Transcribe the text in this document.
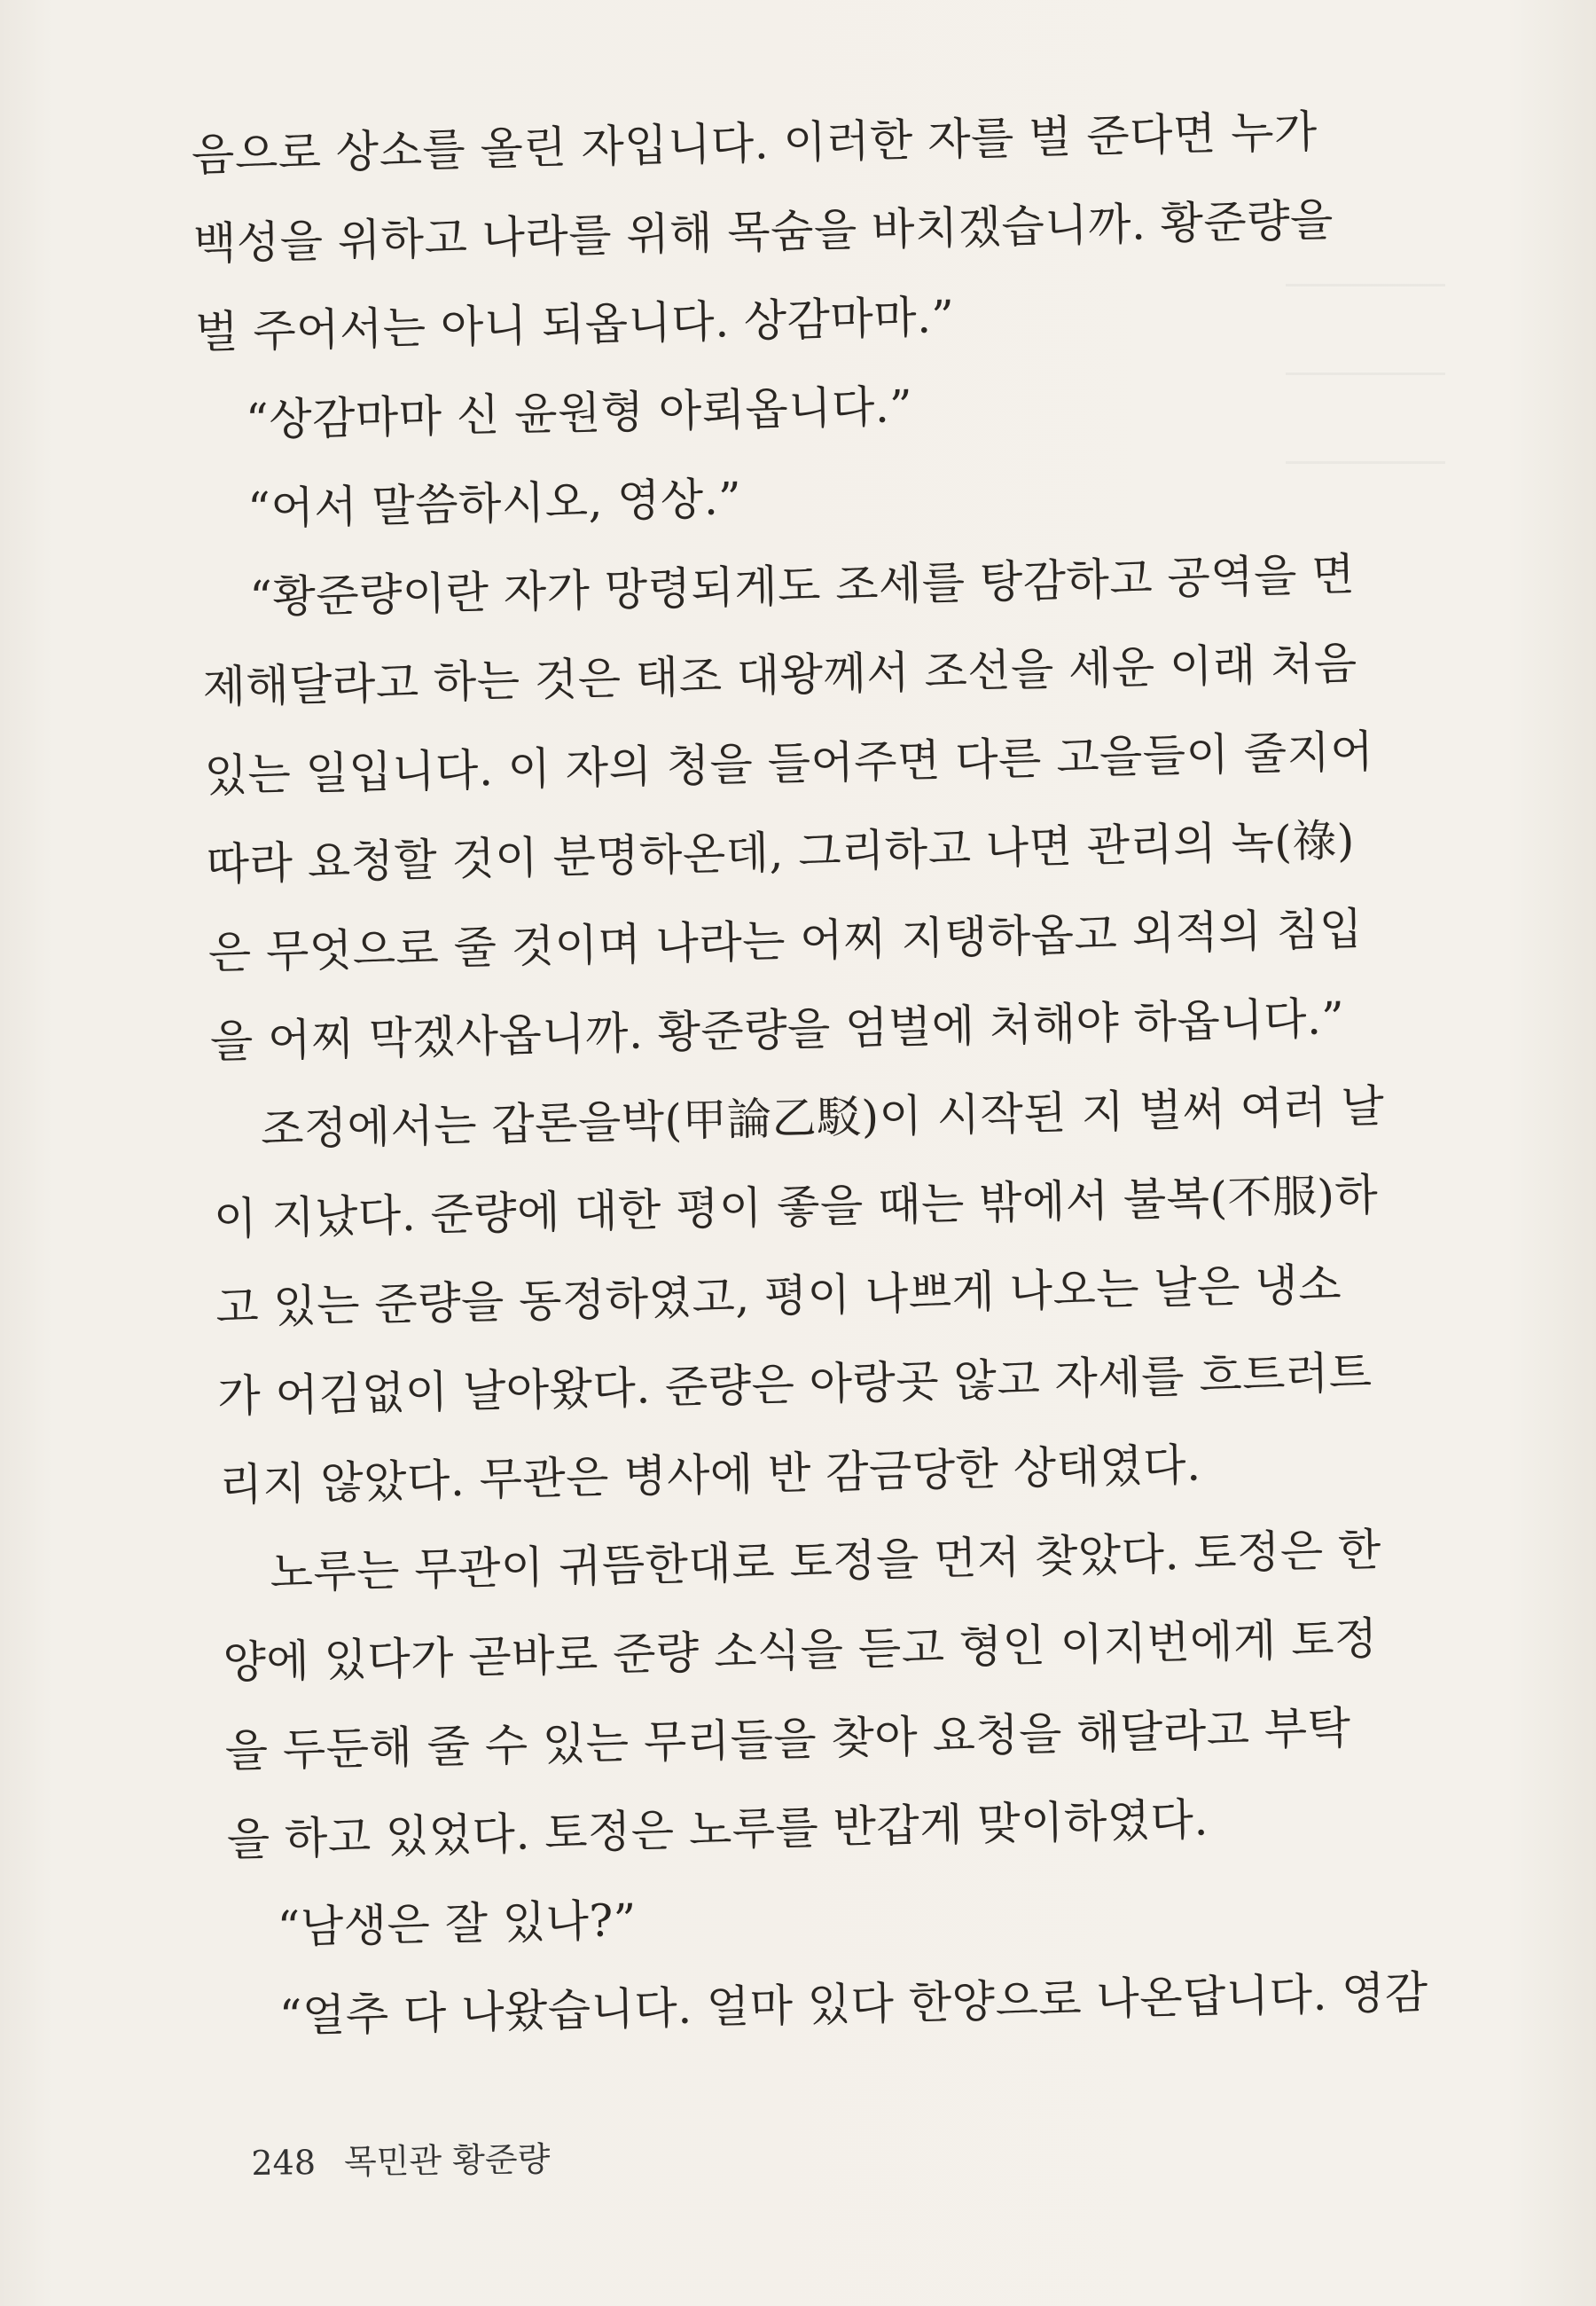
음으로 상소를 올린 자입니다. 이러한 자를 벌 준다면 누가
백성을 위하고 나라를 위해 목숨을 바치겠습니까. 황준량을
벌 주어서는 아니 되옵니다. 상감마마.”
“상감마마 신 윤원형 아뢰옵니다.”
“어서 말씀하시오, 영상.”
“황준량이란 자가 망령되게도 조세를 탕감하고 공역을 면
제해달라고 하는 것은 태조 대왕께서 조선을 세운 이래 처음
있는 일입니다. 이 자의 청을 들어주면 다른 고을들이 줄지어
따라 요청할 것이 분명하온데, 그리하고 나면 관리의 녹(祿)
은 무엇으로 줄 것이며 나라는 어찌 지탱하옵고 외적의 침입
을 어찌 막겠사옵니까. 황준량을 엄벌에 처해야 하옵니다.”
조정에서는 갑론을박(甲論乙駁)이 시작된 지 벌써 여러 날
이 지났다. 준량에 대한 평이 좋을 때는 밖에서 불복(不服)하
고 있는 준량을 동정하였고, 평이 나쁘게 나오는 날은 냉소
가 어김없이 날아왔다. 준량은 아랑곳 않고 자세를 흐트러트
리지 않았다. 무관은 병사에 반 감금당한 상태였다.
노루는 무관이 귀뜸한대로 토정을 먼저 찾았다. 토정은 한
양에 있다가 곧바로 준량 소식을 듣고 형인 이지번에게 토정
을 두둔해 줄 수 있는 무리들을 찾아 요청을 해달라고 부탁
을 하고 있었다. 토정은 노루를 반갑게 맞이하였다.
“남생은 잘 있나?”
“얼추 다 나왔습니다. 얼마 있다 한양으로 나온답니다. 영감
248 목민관 황준량
